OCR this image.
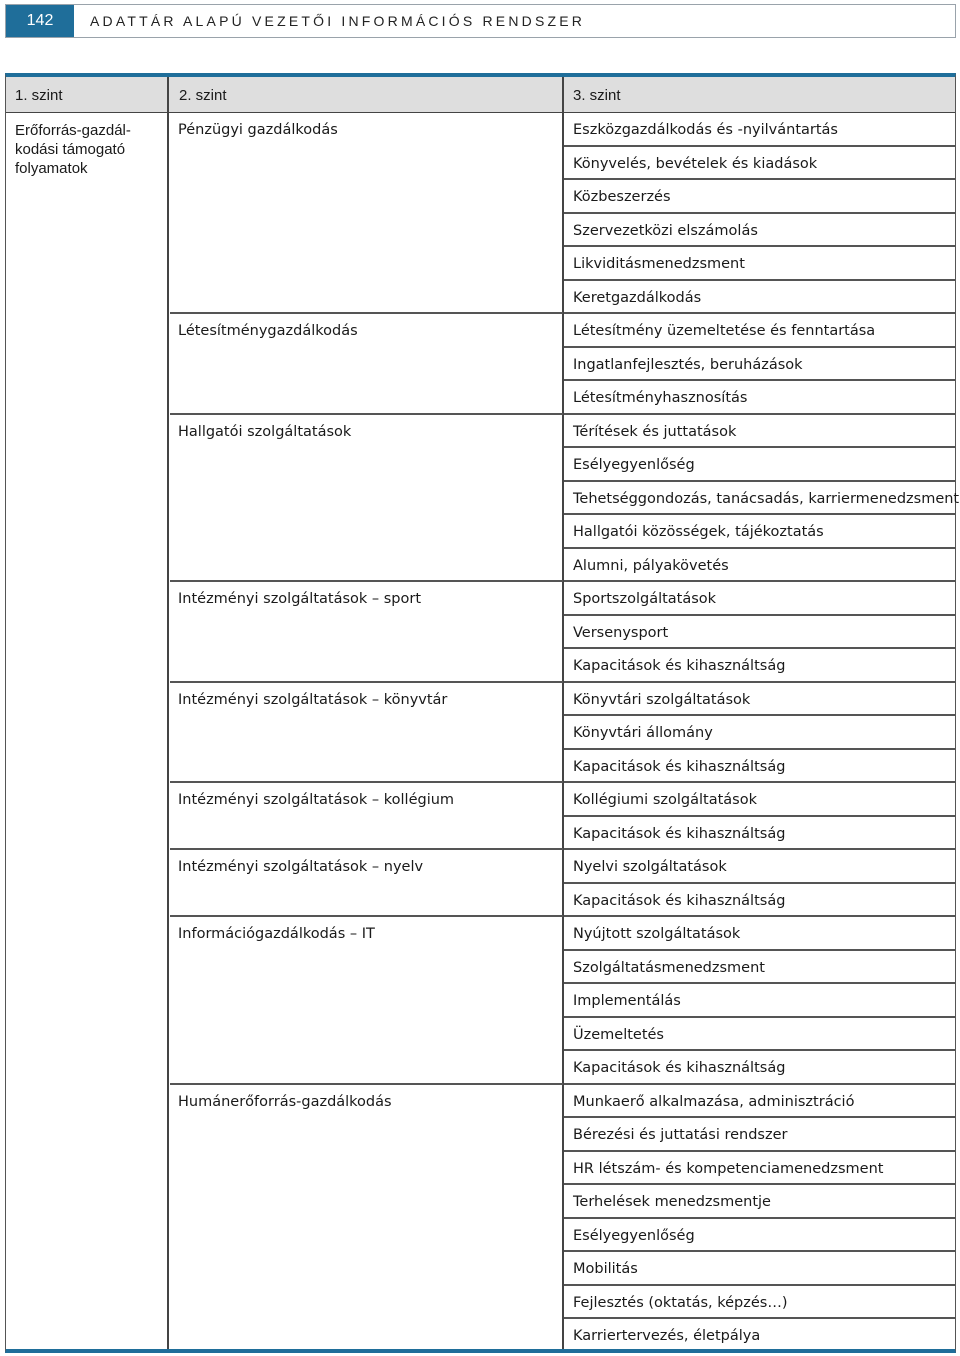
142	ADATTÁR ALAPÚ VEZETŐI INFORMÁCIÓS RENDSZER
1. szint	2. szint	3. szint
Erőforrás-gazdál-
kodási támogató
folyamatok
Pénzügyi gazdálkodás	Eszközgazdálkodás és -nyilvántartás
Könyvelés, bevételek és kiadások
Közbeszerzés
Szervezetközi elszámolás
Likviditásmenedzsment
Keretgazdálkodás
Létesítménygazdálkodás	Létesítmény üzemeltetése és fenntartása
Ingatlanfejlesztés, beruházások
Létesítményhasznosítás
Hallgatói szolgáltatások	Térítések és juttatások
Esélyegyenlőség
Tehetséggondozás, tanácsadás, karriermenedzsment
Hallgatói közösségek, tájékoztatás
Alumni, pályakövetés
Intézményi szolgáltatások – sport	Sportszolgáltatások
Versenysport
Kapacitások és kihasználtság
Intézményi szolgáltatások – könyvtár	Könyvtári szolgáltatások
Könyvtári állomány
Kapacitások és kihasználtság
Intézményi szolgáltatások – kollégium	Kollégiumi szolgáltatások
Kapacitások és kihasználtság
Intézményi szolgáltatások – nyelv	Nyelvi szolgáltatások
Kapacitások és kihasználtság
Információgazdálkodás – IT	Nyújtott szolgáltatások
Szolgáltatásmenedzsment
Implementálás
Üzemeltetés
Kapacitások és kihasználtság
Humánerőforrás-gazdálkodás	Munkaerő alkalmazása, adminisztráció
Bérezési és juttatási rendszer
HR létszám- és kompetenciamenedzsment
Terhelések menedzsmentje
Esélyegyenlőség
Mobilitás
Fejlesztés (oktatás, képzés…)
Karriertervezés, életpálya
